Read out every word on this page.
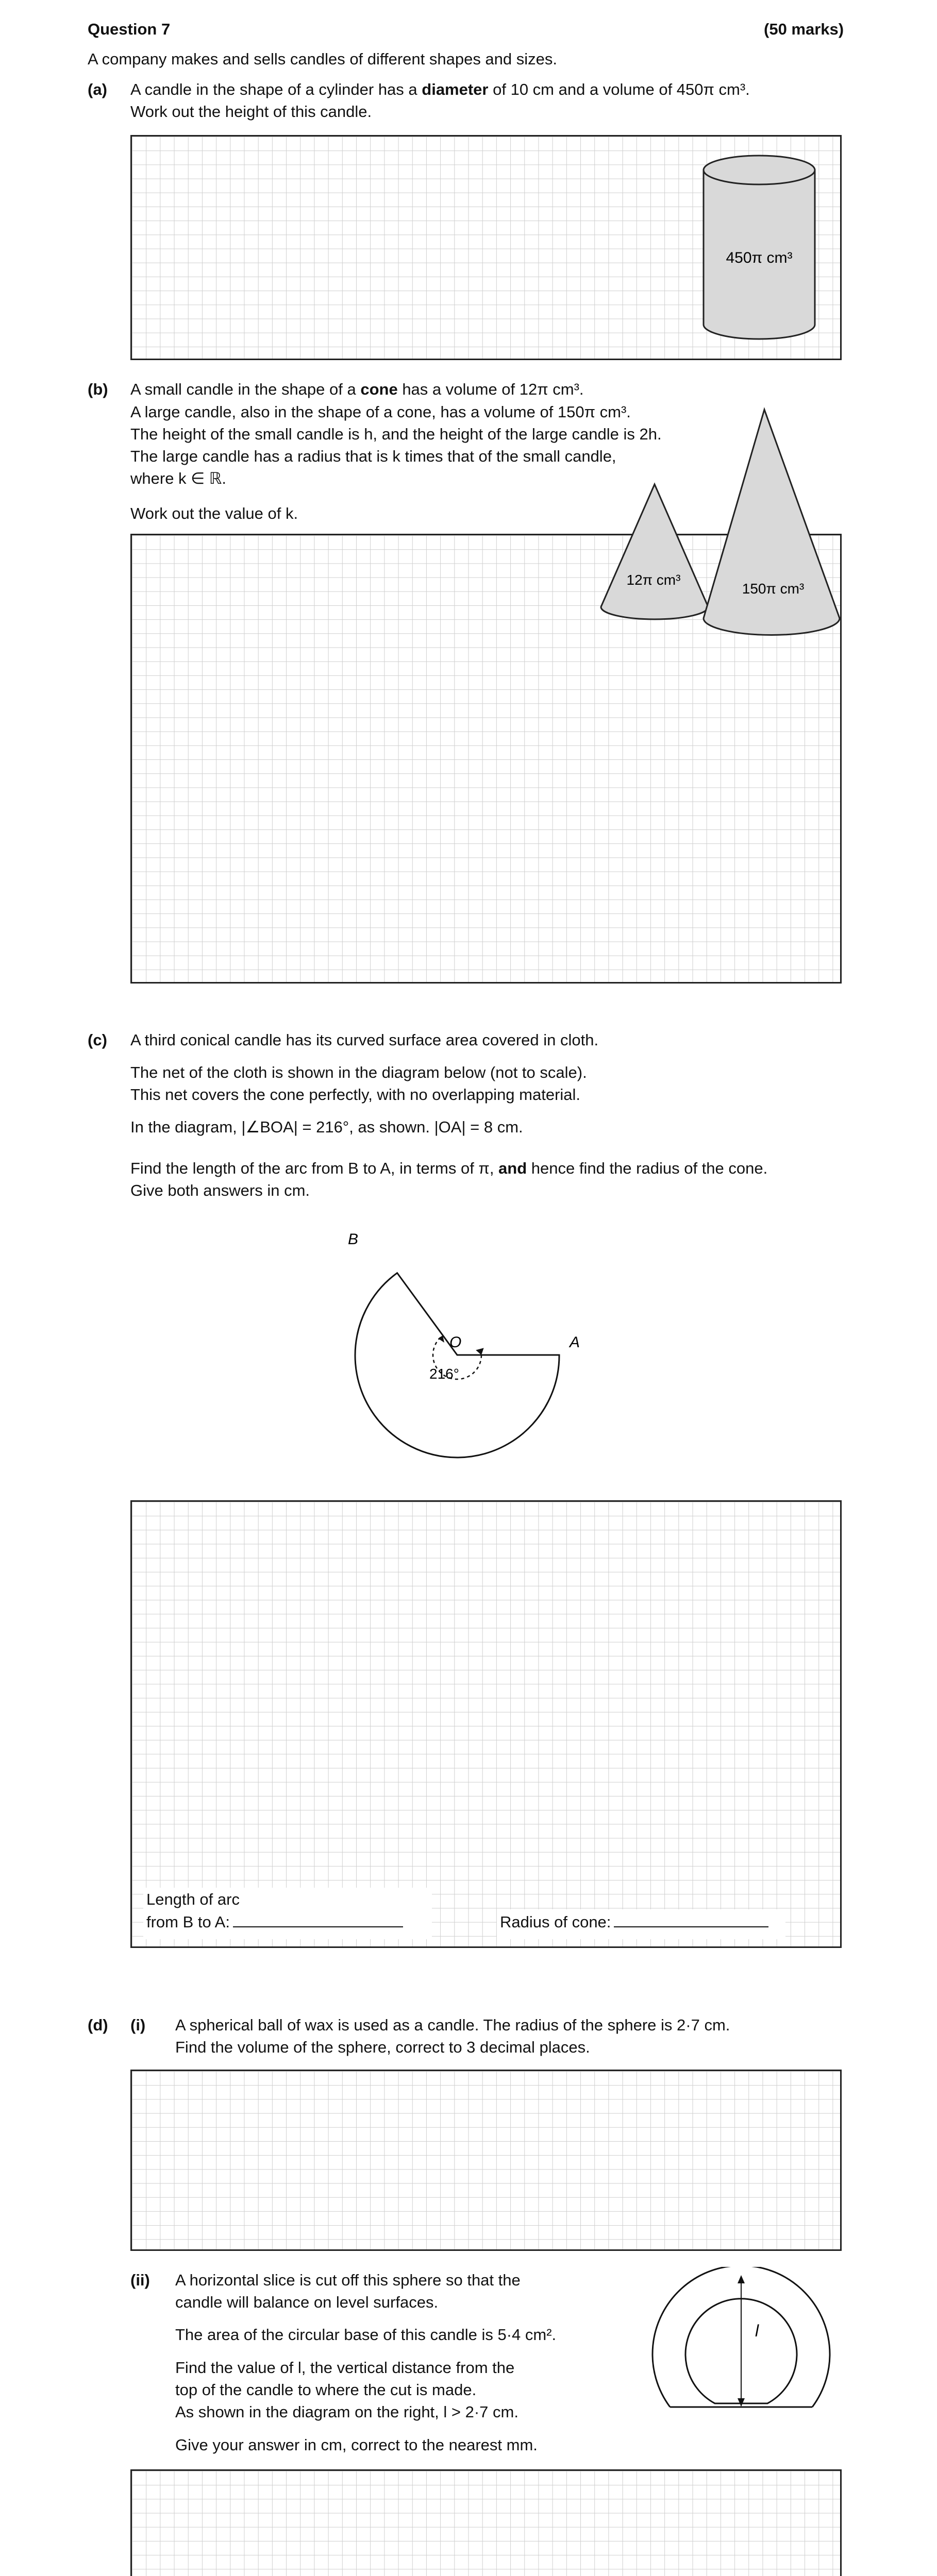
Question 7	(50 marks)
A company makes and sells candles of different shapes and sizes.
(a) A candle in the shape of a cylinder has a diameter of 10 cm and a volume of 450π cm³.
Work out the height of this candle.
450π cm³
(b) A small candle in the shape of a cone has a volume of 12π cm³.
A large candle, also in the shape of a cone, has a volume of 150π cm³.
The height of the small candle is h, and the height of the large candle is 2h.
The large candle has a radius that is k times that of the small candle,
where k ∈ ℝ.
Work out the value of k.
12π cm³
150π cm³
(c) A third conical candle has its curved surface area covered in cloth.
The net of the cloth is shown in the diagram below (not to scale).
This net covers the cone perfectly, with no overlapping material.
In the diagram, |∠BOA| = 216°, as shown. |OA| = 8 cm.
Find the length of the arc from B to A, in terms of π, and hence find the radius of the cone.
Give both answers in cm.
B
O	A
216°
Length of arc
from B to A:	Radius of cone:
(d) (i) A spherical ball of wax is used as a candle. The radius of the sphere is 2·7 cm.
Find the volume of the sphere, correct to 3 decimal places.
(ii) A horizontal slice is cut off this sphere so that the
candle will balance on level surfaces.
The area of the circular base of this candle is 5·4 cm².
Find the value of l, the vertical distance from the
top of the candle to where the cut is made.
As shown in the diagram on the right, l > 2·7 cm.
Give your answer in cm, correct to the nearest mm.
l
